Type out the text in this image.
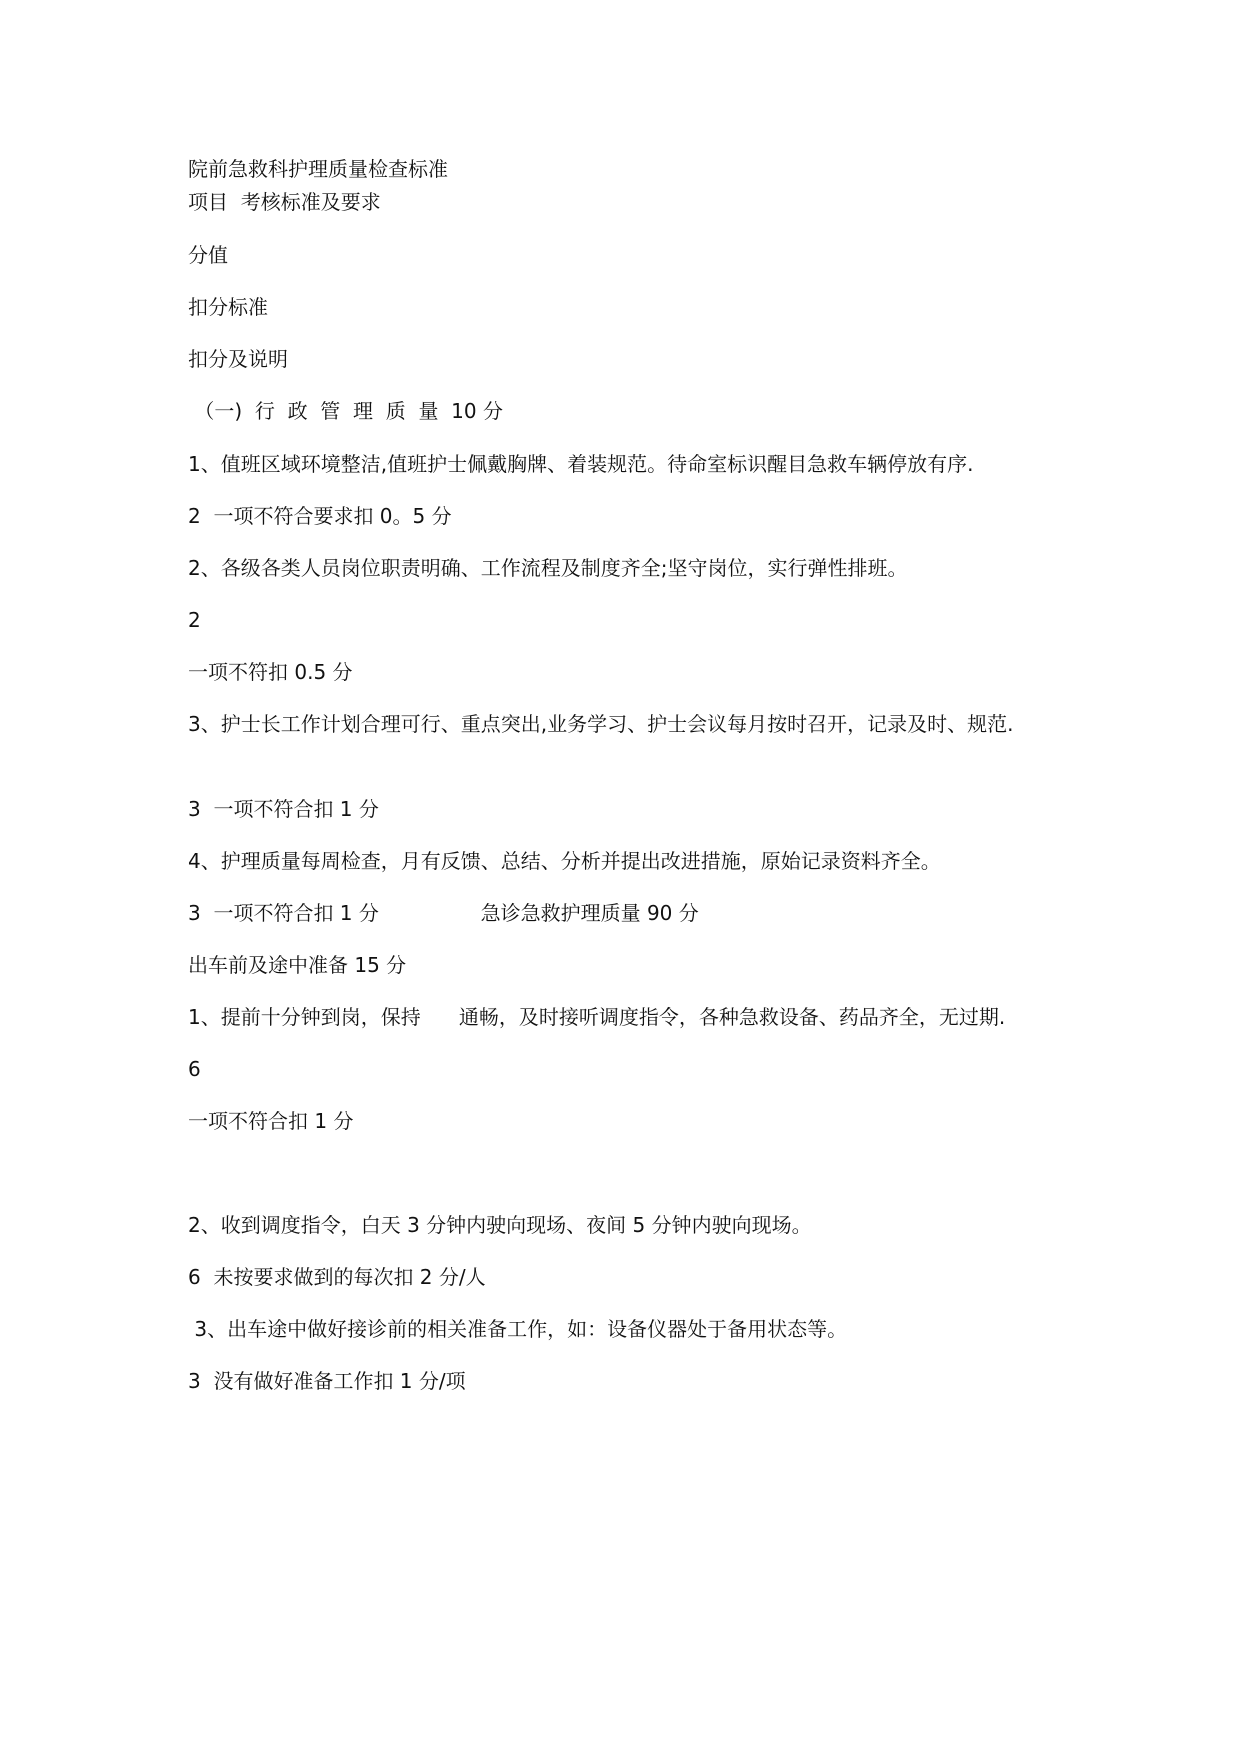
院前急救科护理质量检查标准
项目  考核标准及要求
分值
扣分标准
扣分及说明
（一)  行  政  管  理  质  量  10 分
1、值班区域环境整洁,值班护士佩戴胸牌、着装规范。待命室标识醒目急救车辆停放有序.
2  一项不符合要求扣 0。5 分
2、各级各类人员岗位职责明确、工作流程及制度齐全;坚守岗位，实行弹性排班。
2
一项不符扣 0.5 分
3、护士长工作计划合理可行、重点突出,业务学习、护士会议每月按时召开，记录及时、规范.
3  一项不符合扣 1 分
4、护理质量每周检查，月有反馈、总结、分析并提出改进措施，原始记录资料齐全。
3  一项不符合扣 1 分                急诊急救护理质量 90 分
出车前及途中准备 15 分
1、提前十分钟到岗，保持      通畅，及时接听调度指令，各种急救设备、药品齐全，无过期.
6
一项不符合扣 1 分
2、收到调度指令，白天 3 分钟内驶向现场、夜间 5 分钟内驶向现场。
6  未按要求做到的每次扣 2 分/人
3、出车途中做好接诊前的相关准备工作，如：设备仪器处于备用状态等。
3  没有做好准备工作扣 1 分/项
